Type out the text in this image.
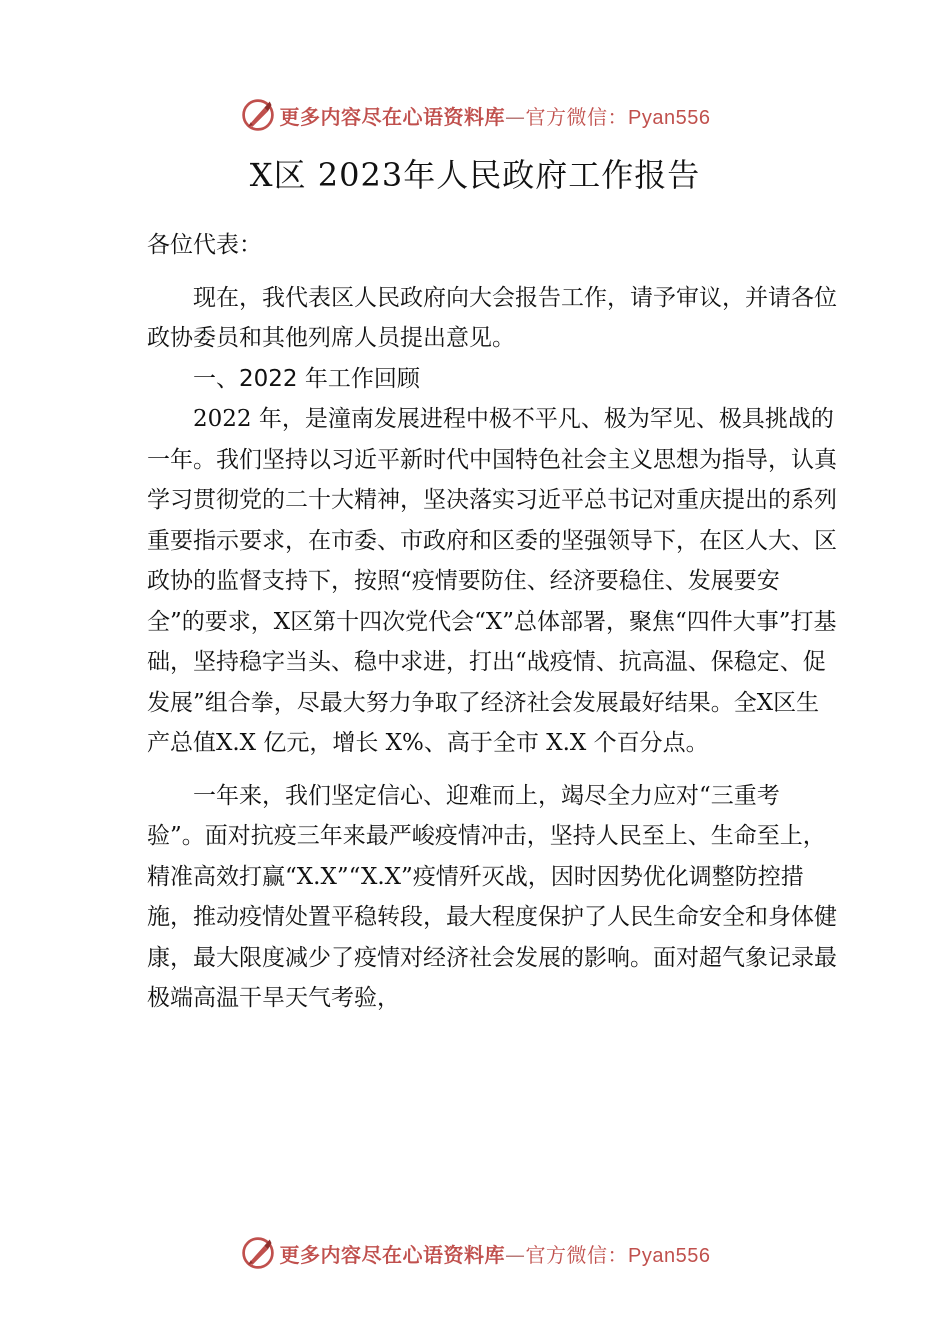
更多内容尽在心语资料库—官方微信：Pyan556
X区 2023年人民政府工作报告

各位代表：

现在，我代表区人民政府向大会报告工作，请予审议，并请各位政协委员和其他列席人员提出意见。

一、2022 年工作回顾

2022 年，是潼南发展进程中极不平凡、极为罕见、极具挑战的一年。我们坚持以习近平新时代中国特色社会主义思想为指导，认真学习贯彻党的二十大精神，坚决落实习近平总书记对重庆提出的系列重要指示要求，在市委、市政府和区委的坚强领导下，在区人大、区政协的监督支持下，按照“疫情要防住、经济要稳住、发展要安全”的要求，X区第十四次党代会“X”总体部署，聚焦“四件大事”打基础，坚持稳字当头、稳中求进，打出“战疫情、抗高温、保稳定、促发展”组合拳，尽最大努力争取了经济社会发展最好结果。全X区生产总值X.X 亿元，增长 X%、高于全市 X.X 个百分点。

一年来，我们坚定信心、迎难而上，竭尽全力应对“三重考验”。面对抗疫三年来最严峻疫情冲击，坚持人民至上、生命至上，精准高效打赢“X.X”“X.X”疫情歼灭战，因时因势优化调整防控措施，推动疫情处置平稳转段，最大程度保护了人民生命安全和身体健康，最大限度减少了疫情对经济社会发展的影响。面对超气象记录最极端高温干旱天气考验，

更多内容尽在心语资料库—官方微信：Pyan556
